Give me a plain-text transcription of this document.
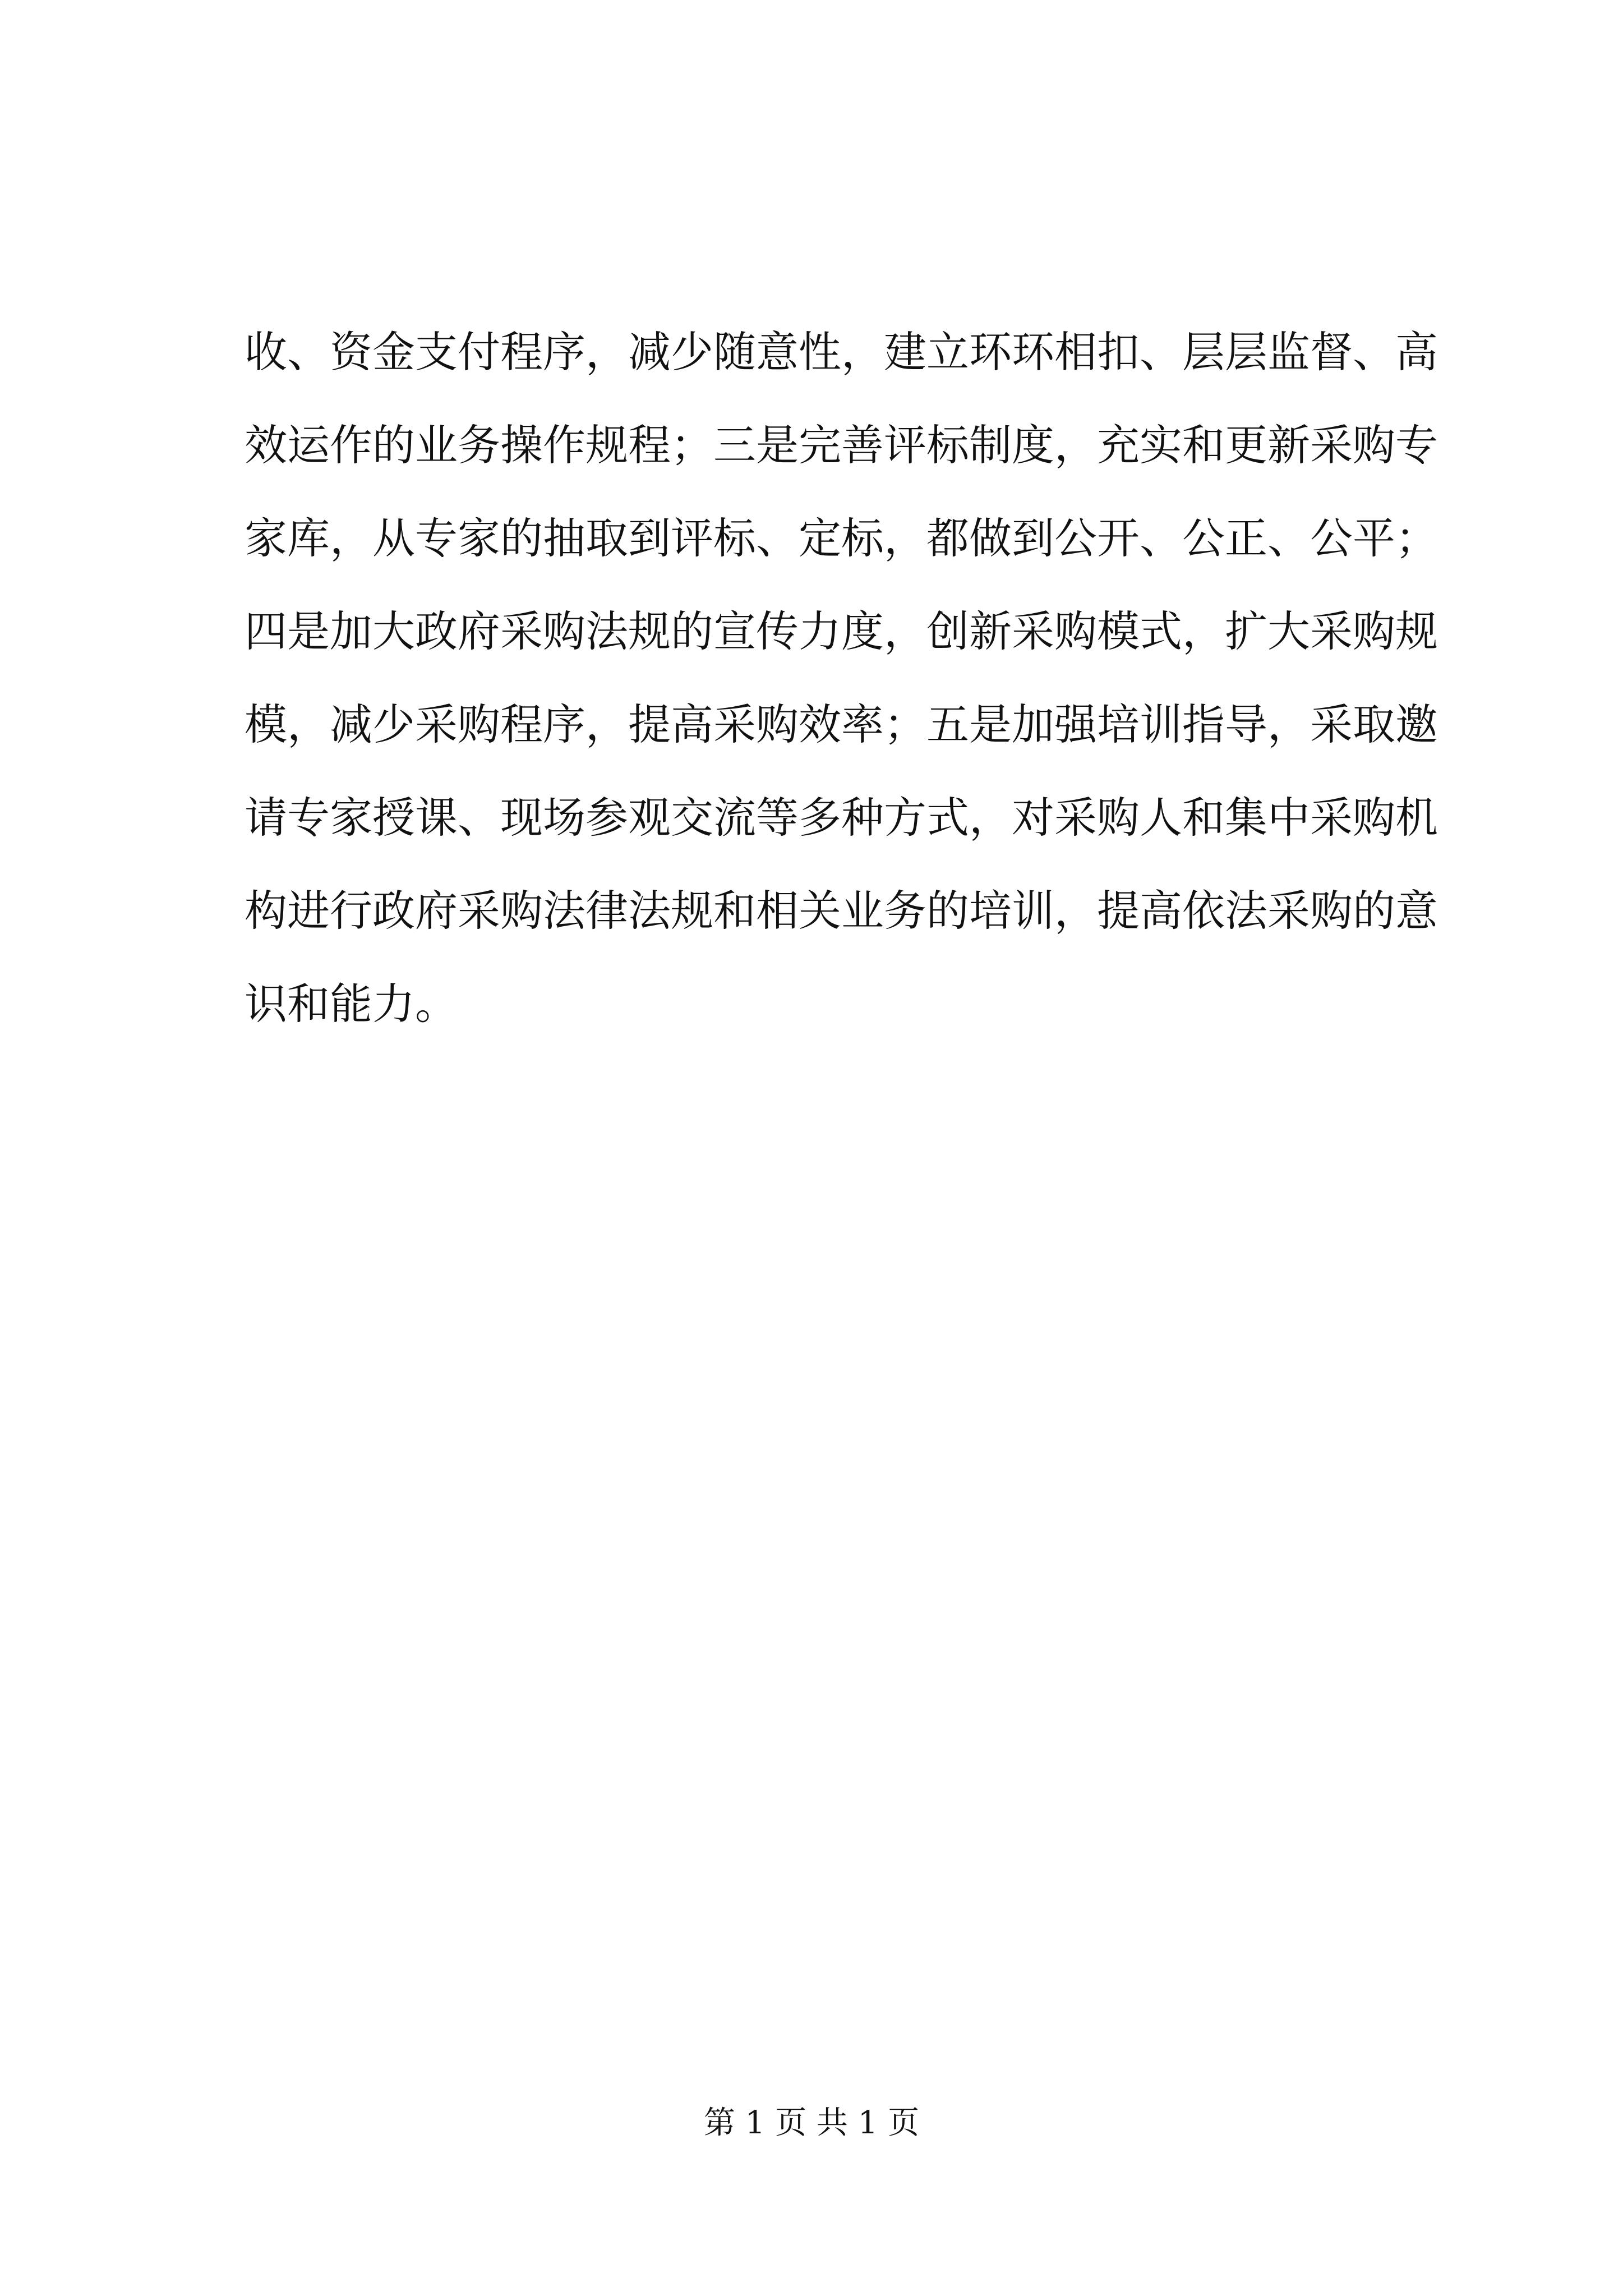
收、资金支付程序，减少随意性，建立环环相扣、层层监督、高
效运作的业务操作规程；三是完善评标制度，充实和更新采购专
家库，从专家的抽取到评标、定标，都做到公开、公正、公平；
四是加大政府采购法规的宣传力度，创新采购模式，扩大采购规
模，减少采购程序，提高采购效率；五是加强培训指导，采取邀
请专家授课、现场参观交流等多种方式，对采购人和集中采购机
构进行政府采购法律法规和相关业务的培训，提高依法采购的意
识和能力。
第 1 页 共 1 页
